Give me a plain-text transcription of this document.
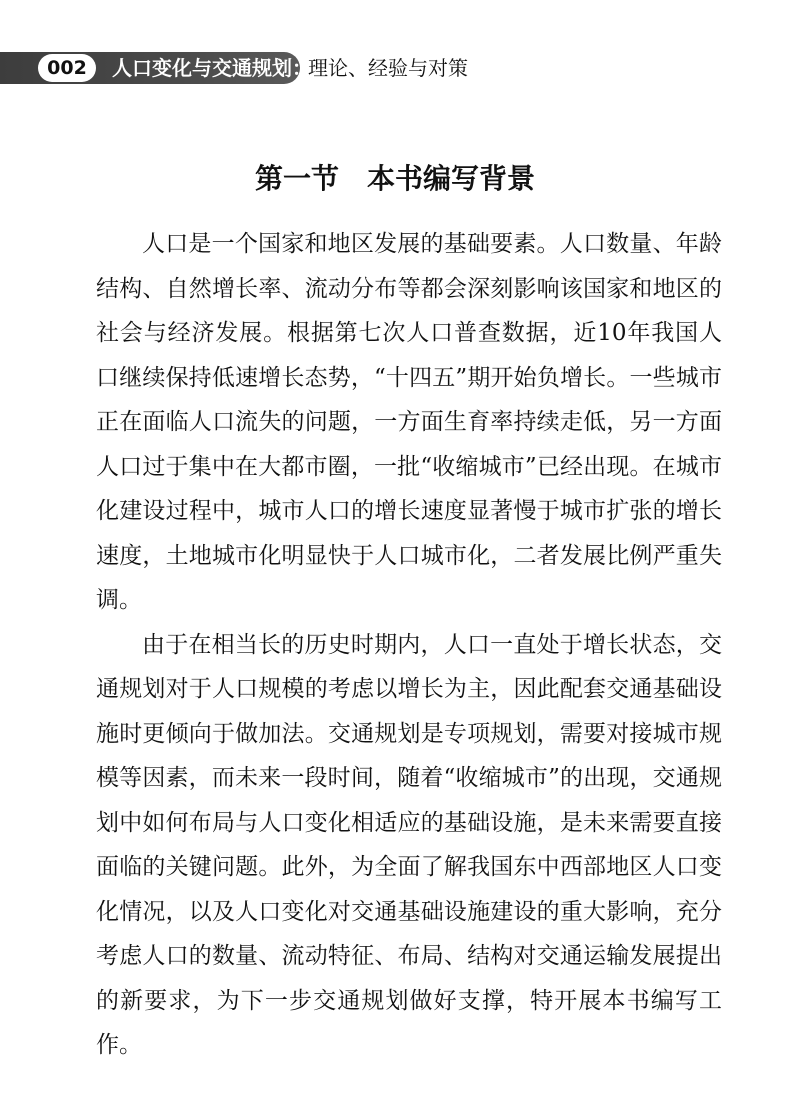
002	人口变化与交通规划：
理论、经验与对策
第一节　本书编写背景

人口是一个国家和地区发展的基础要素。人口数量、年龄结构、自然增长率、流动分布等都会深刻影响该国家和地区的社会与经济发展。根据第七次人口普查数据，近10年我国人口继续保持低速增长态势，“十四五”期开始负增长。一些城市正在面临人口流失的问题，一方面生育率持续走低，另一方面人口过于集中在大都市圈，一批“收缩城市”已经出现。在城市化建设过程中，城市人口的增长速度显著慢于城市扩张的增长速度，土地城市化明显快于人口城市化，二者发展比例严重失调。

由于在相当长的历史时期内，人口一直处于增长状态，交通规划对于人口规模的考虑以增长为主，因此配套交通基础设施时更倾向于做加法。交通规划是专项规划，需要对接城市规模等因素，而未来一段时间，随着“收缩城市”的出现，交通规划中如何布局与人口变化相适应的基础设施，是未来需要直接面临的关键问题。此外，为全面了解我国东中西部地区人口变化情况，以及人口变化对交通基础设施建设的重大影响，充分考虑人口的数量、流动特征、布局、结构对交通运输发展提出的新要求，为下一步交通规划做好支撑，特开展本书编写工作。
